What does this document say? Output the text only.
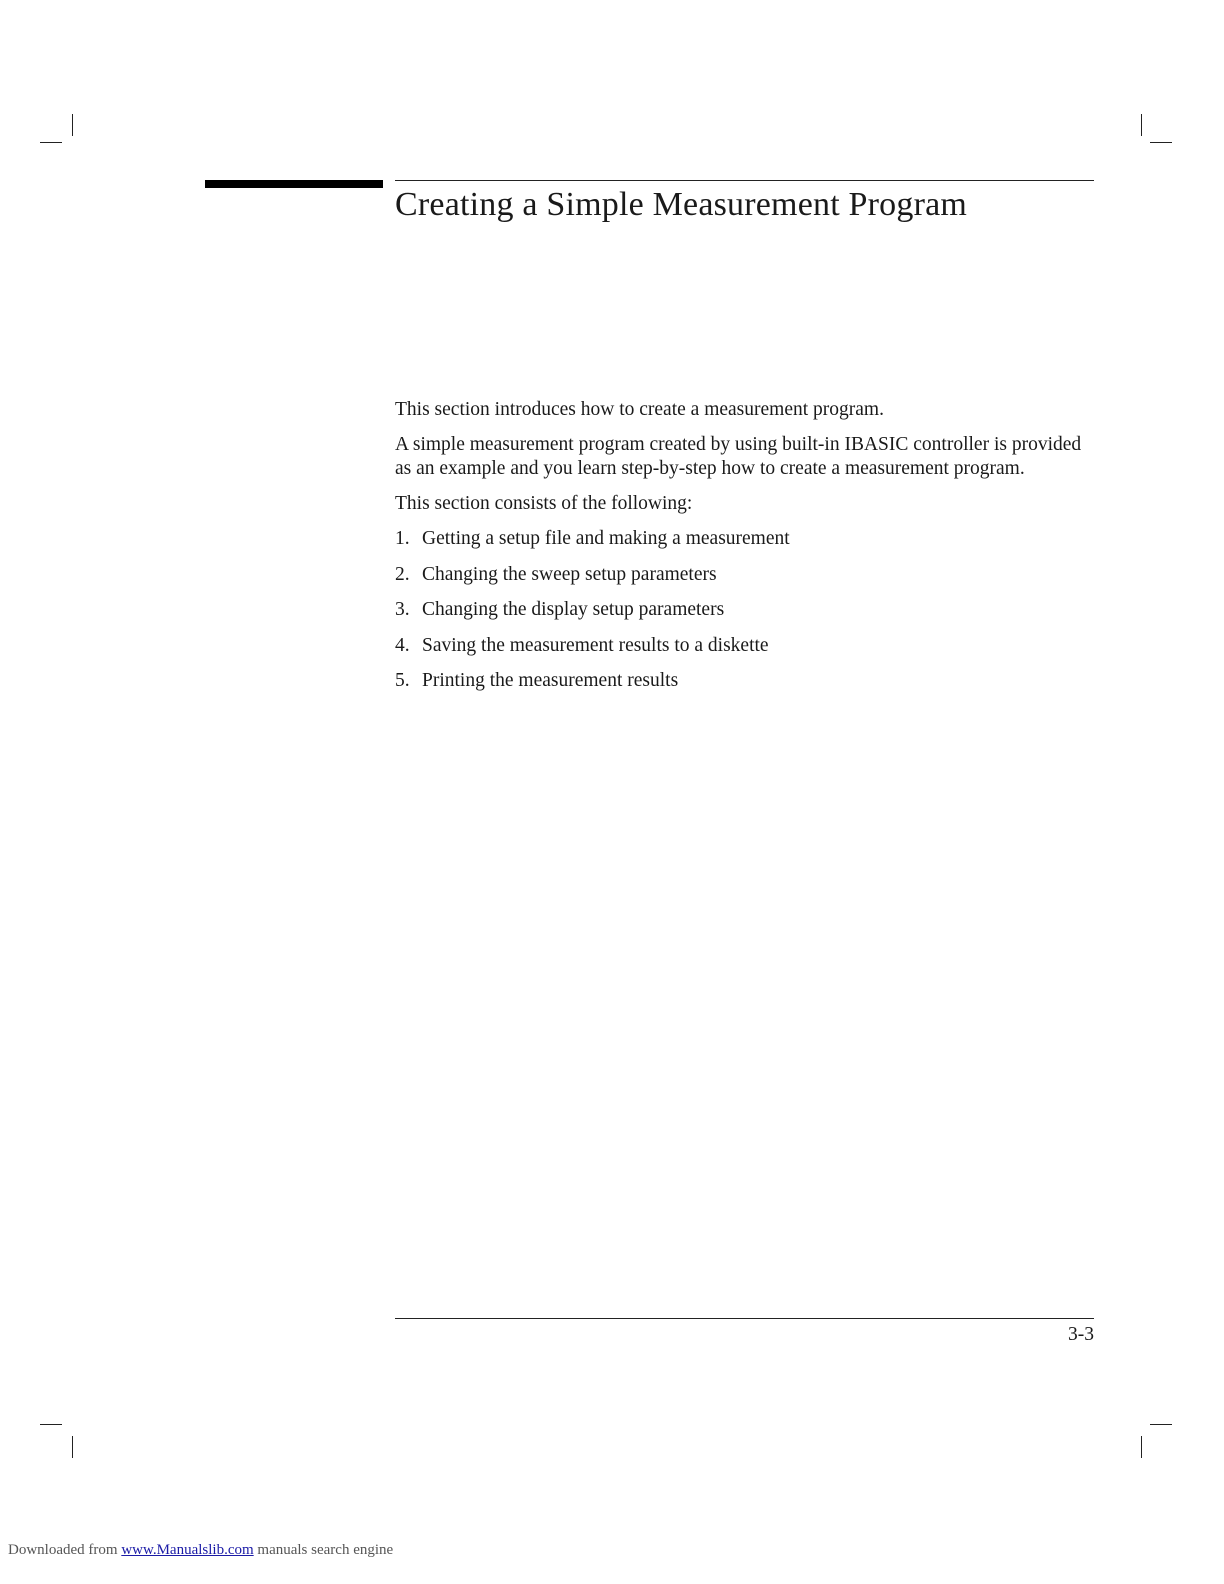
Creating a Simple Measurement Program

This section introduces how to create a measurement program.

A simple measurement program created by using built-in IBASIC controller is provided as an example and you learn step-by-step how to create a measurement program.

This section consists of the following:

1. Getting a setup file and making a measurement
2. Changing the sweep setup parameters
3. Changing the display setup parameters
4. Saving the measurement results to a diskette
5. Printing the measurement results
3-3
Downloaded from www.Manualslib.com manuals search engine
